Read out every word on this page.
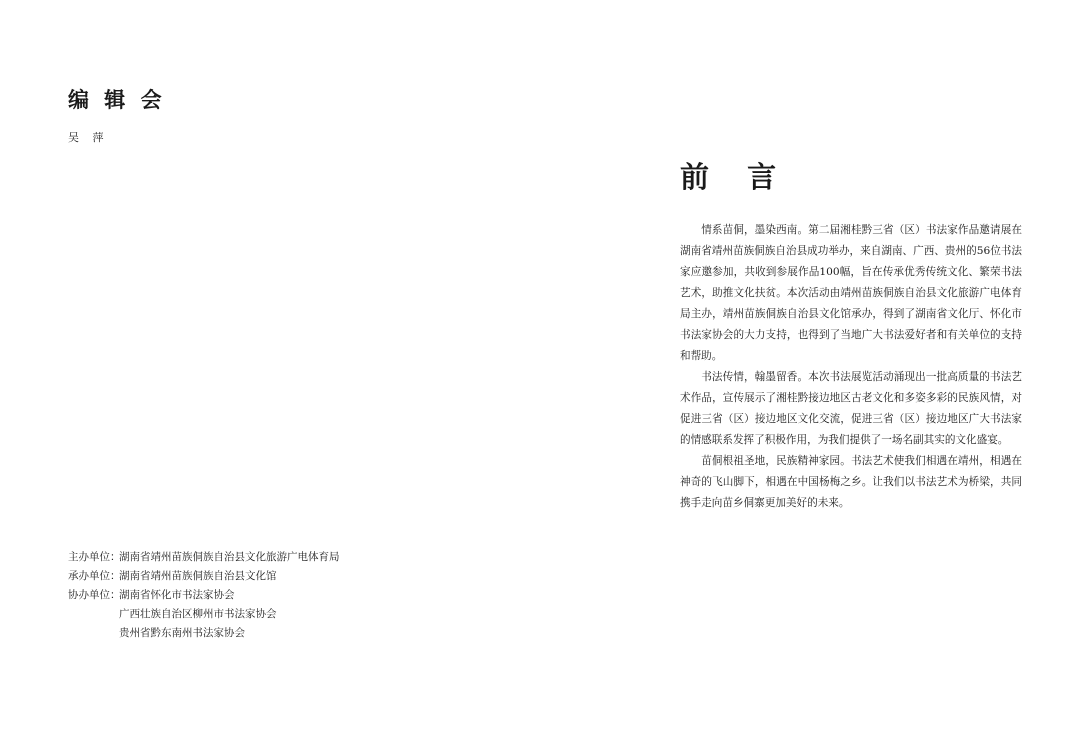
编 辑 会
吴 萍
主办单位：
湖南省靖州苗族侗族自治县文化旅游广电体育局
承办单位：
湖南省靖州苗族侗族自治县文化馆
协办单位：
湖南省怀化市书法家协会
广西壮族自治区柳州市书法家协会
贵州省黔东南州书法家协会
前 言

情系苗侗，墨染西南。第二届湘桂黔三省（区）书法家作品邀请展在湖南省靖州苗族侗族自治县成功举办，来自湖南、广西、贵州的56位书法家应邀参加，共收到参展作品100幅，旨在传承优秀传统文化、繁荣书法艺术，助推文化扶贫。本次活动由靖州苗族侗族自治县文化旅游广电体育局主办，靖州苗族侗族自治县文化馆承办，得到了湖南省文化厅、怀化市书法家协会的大力支持，也得到了当地广大书法爱好者和有关单位的支持和帮助。

书法传情，翰墨留香。本次书法展览活动涌现出一批高质量的书法艺术作品，宣传展示了湘桂黔接边地区古老文化和多姿多彩的民族风情，对促进三省（区）接边地区文化交流，促进三省（区）接边地区广大书法家的情感联系发挥了积极作用，为我们提供了一场名副其实的文化盛宴。

苗侗根祖圣地，民族精神家园。书法艺术使我们相遇在靖州，相遇在神奇的飞山脚下，相遇在中国杨梅之乡。让我们以书法艺术为桥梁，共同携手走向苗乡侗寨更加美好的未来。
